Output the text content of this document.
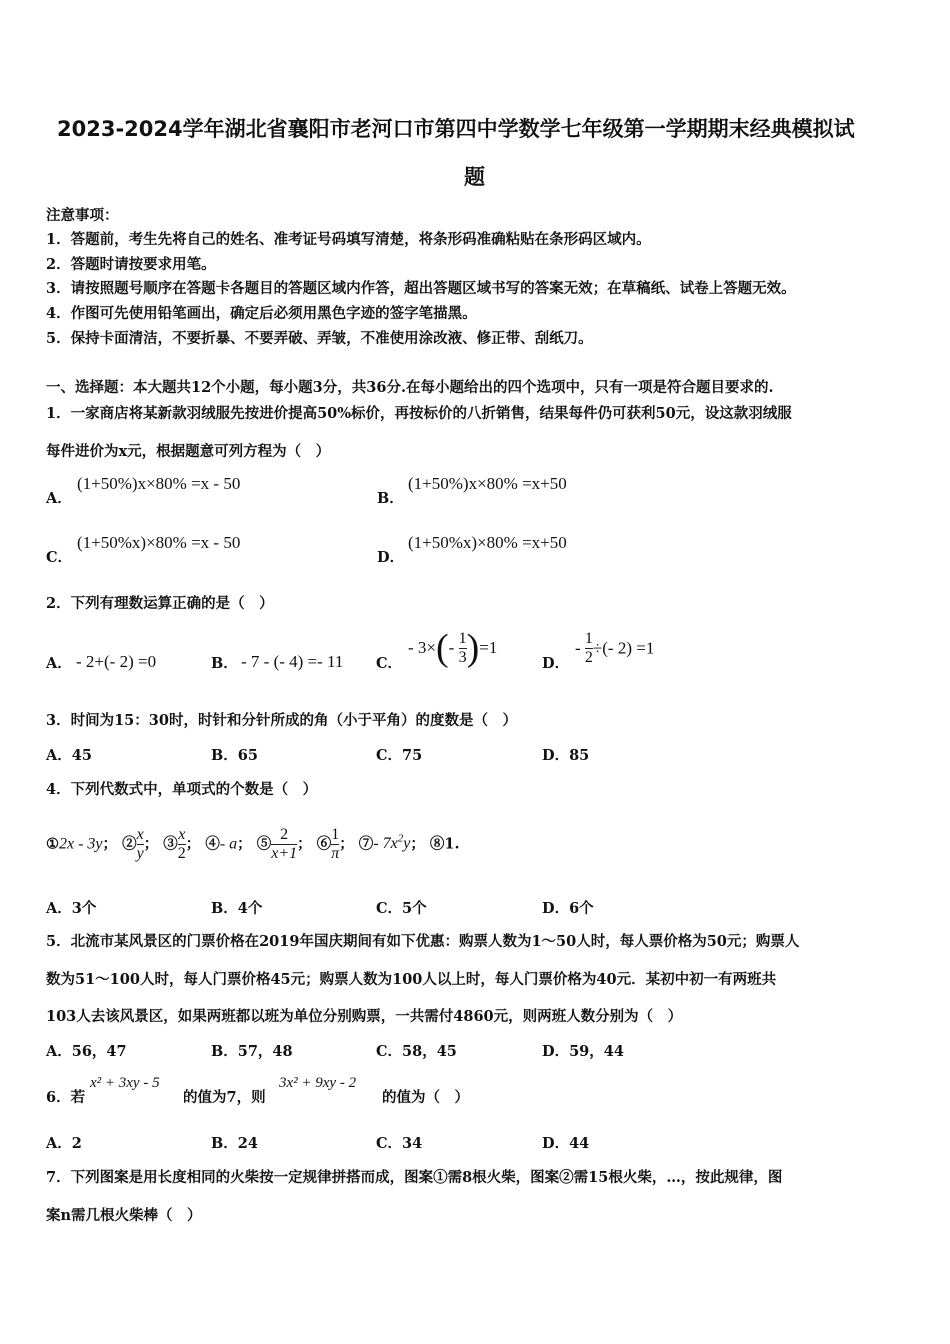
2023-2024学年湖北省襄阳市老河口市第四中学数学七年级第一学期期末经典模拟试
题
注意事项：
1．答题前，考生先将自己的姓名、准考证号码填写清楚，将条形码准确粘贴在条形码区域内。
2．答题时请按要求用笔。
3．请按照题号顺序在答题卡各题目的答题区域内作答，超出答题区域书写的答案无效；在草稿纸、试卷上答题无效。
4．作图可先使用铅笔画出，确定后必须用黑色字迹的签字笔描黑。
5．保持卡面清洁，不要折暴、不要弄破、弄皱，不准使用涂改液、修正带、刮纸刀。
一、选择题：本大题共12个小题，每小题3分，共36分.在每小题给出的四个选项中，只有一项是符合题目要求的.
1．一家商店将某新款羽绒服先按进价提高50%标价，再按标价的八折销售，结果每件仍可获利50元，设这款羽绒服
每件进价为x元，根据题意可列方程为（　）
A．
(1+50%)x×80% =x - 50
B．
(1+50%)x×80% =x+50
C．
(1+50%x)×80% =x - 50
D．
(1+50%x)×80% =x+50
2．下列有理数运算正确的是（　）
A． - 2+(- 2) =0	B． - 7 - (- 4) =- 11 C．
- $3\times(- \frac{1}{3} )=1$
D．
- $\frac{1}{2}$ ÷(- 2) =1
3．时间为15：30时，时针和分针所成的角（小于平角）的度数是（　）
A．45	B．65	C．75	D．85
4．下列代数式中，单项式的个数是（　）
①2x - 3y； ② $\frac{x}{y}$ ； ③ $\frac{x}{2}$ ； ④- a； ⑤ $\frac{2}{x+1}$ ； ⑥ $\frac{1}{\pi}$ ； ⑦- $7x^2y$； ⑧1.
A．3个	B．4个	C．5个	D．6个
5．北流市某风景区的门票价格在2019年国庆期间有如下优惠：购票人数为1～50人时，每人票价格为50元；购票人
数为51～100人时，每人门票价格45元；购票人数为100人以上时，每人门票价格为40元．某初中初一有两班共
103人去该风景区，如果两班都以班为单位分别购票，一共需付4860元，则两班人数分别为（　）
A．56，47	B．57，48	C．58，45	D．59，44
6．若
x² + 3xy - 5
的值为7，则
3x² + 9xy - 2
的值为（　）
A．2	B．24	C．34	D．44
7．下列图案是用长度相同的火柴按一定规律拼搭而成，图案①需8根火柴，图案②需15根火柴，…，按此规律，图
案n需几根火柴棒（　）
